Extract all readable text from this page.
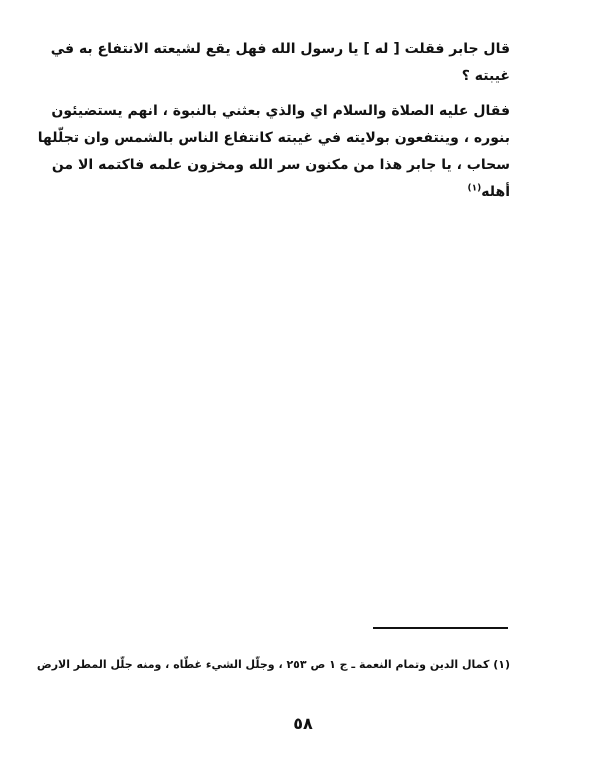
قال جابر فقلت [ له ] يا رسول الله فهل يقع لشيعته الانتفاع به في
غيبته ؟
فقال عليه الصلاة والسلام اي والذي بعثني بالنبوة ، انهم يستضيئون
بنوره ، وينتفعون بولايته في غيبته كانتفاع الناس بالشمس وان تجلّلها
سحاب ، يا جابر هذا من مكنون سر الله ومخزون علمه فاكتمه الا من
أهله$^{(١)}$
(١) كمال الدين وتمام النعمة ـ ج ١ ص ٢٥٣ ، وجلّل الشيء غطّاه ، ومنه جلّل المطر الارض
٥٨
